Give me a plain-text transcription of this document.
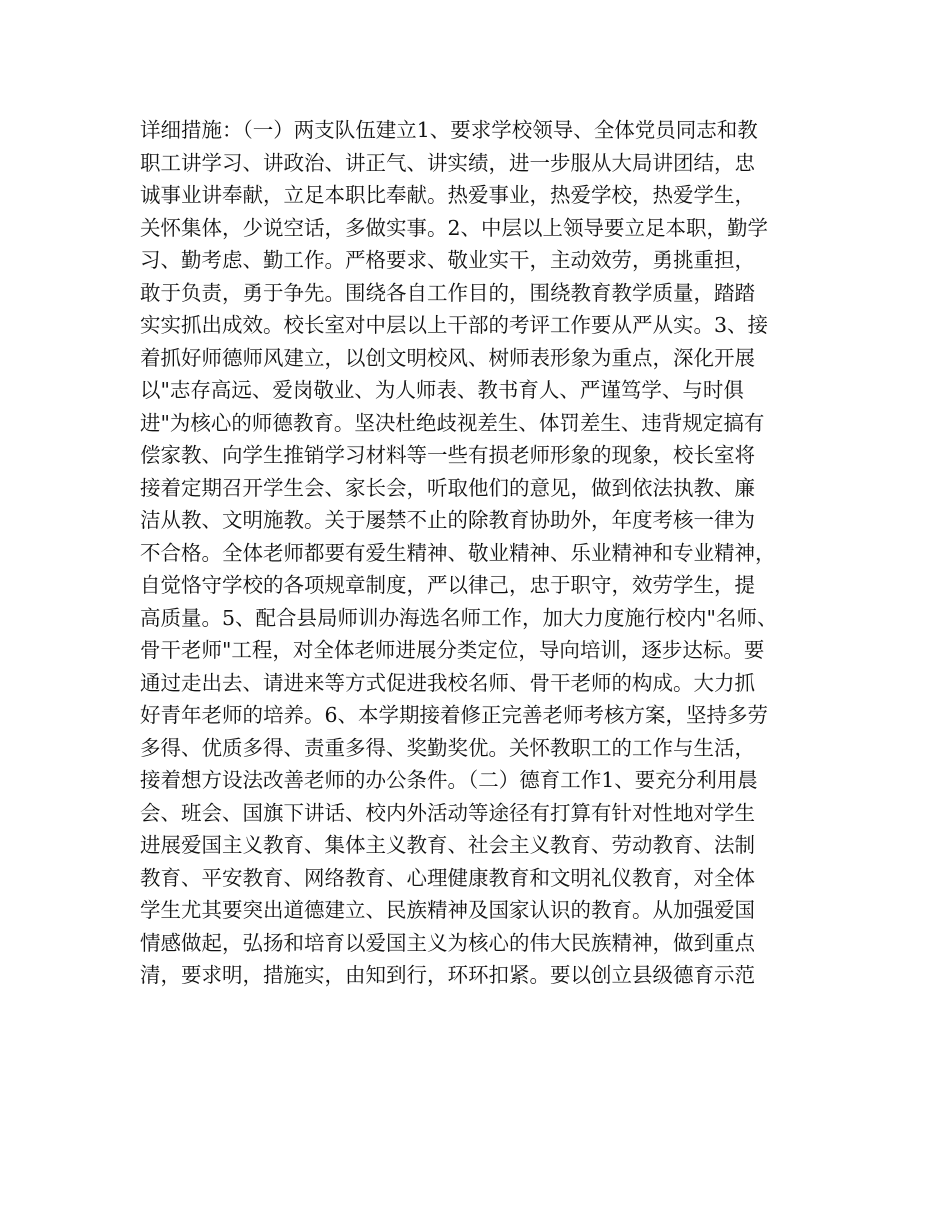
详细措施：（一）两支队伍建立1、要求学校领导、全体党员同志和教
职工讲学习、讲政治、讲正气、讲实绩，进一步服从大局讲团结，忠
诚事业讲奉献，立足本职比奉献。热爱事业，热爱学校，热爱学生，
关怀集体，少说空话，多做实事。2、中层以上领导要立足本职，勤学
习、勤考虑、勤工作。严格要求、敬业实干，主动效劳，勇挑重担，
敢于负责，勇于争先。围绕各自工作目的，围绕教育教学质量，踏踏
实实抓出成效。校长室对中层以上干部的考评工作要从严从实。3、接
着抓好师德师风建立，以创文明校风、树师表形象为重点，深化开展
以"志存高远、爱岗敬业、为人师表、教书育人、严谨笃学、与时俱
进"为核心的师德教育。坚决杜绝歧视差生、体罚差生、违背规定搞有
偿家教、向学生推销学习材料等一些有损老师形象的现象，校长室将
接着定期召开学生会、家长会，听取他们的意见，做到依法执教、廉
洁从教、文明施教。关于屡禁不止的除教育协助外，年度考核一律为
不合格。全体老师都要有爱生精神、敬业精神、乐业精神和专业精神，
自觉恪守学校的各项规章制度，严以律己，忠于职守，效劳学生，提
高质量。5、配合县局师训办海选名师工作，加大力度施行校内"名师、
骨干老师"工程，对全体老师进展分类定位，导向培训，逐步达标。要
通过走出去、请进来等方式促进我校名师、骨干老师的构成。大力抓
好青年老师的培养。6、本学期接着修正完善老师考核方案，坚持多劳
多得、优质多得、责重多得、奖勤奖优。关怀教职工的工作与生活，
接着想方设法改善老师的办公条件。（二）德育工作1、要充分利用晨
会、班会、国旗下讲话、校内外活动等途径有打算有针对性地对学生
进展爱国主义教育、集体主义教育、社会主义教育、劳动教育、法制
教育、平安教育、网络教育、心理健康教育和文明礼仪教育，对全体
学生尤其要突出道德建立、民族精神及国家认识的教育。从加强爱国
情感做起，弘扬和培育以爱国主义为核心的伟大民族精神，做到重点
清，要求明，措施实，由知到行，环环扣紧。要以创立县级德育示范
